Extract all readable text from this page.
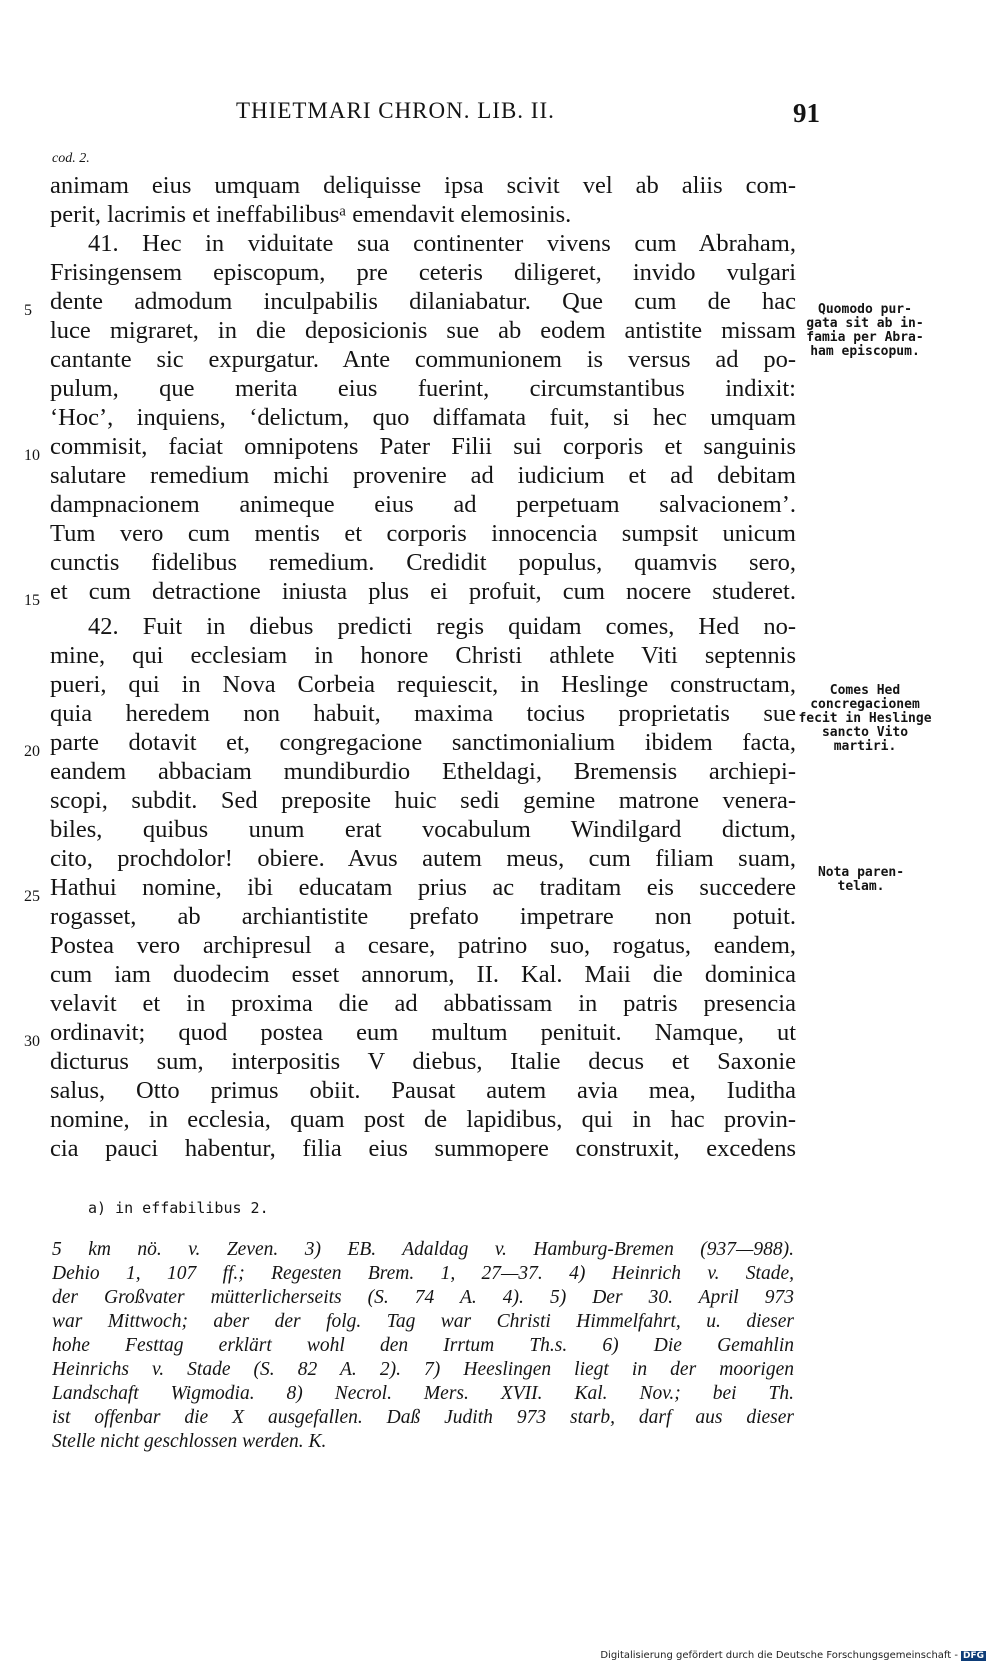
THIETMARI CHRON. LIB. II.	91
cod. 2.
animam eius umquam deliquisse ipsa scivit vel ab aliis com-
perit, lacrimis et ineffabilibusᵃ emendavit elemosinis.
41. Hec in viduitate sua continenter vivens cum Abraham,
Frisingensem episcopum, pre ceteris diligeret, invido vulgari
dente admodum inculpabilis dilaniabatur. Que cum de hac
luce migraret, in die deposicionis sue ab eodem antistite missam
cantante sic expurgatur. Ante communionem is versus ad po-
pulum, que merita eius fuerint, circumstantibus indixit:
‘Hoc’, inquiens, ‘delictum, quo diffamata fuit, si hec umquam
commisit, faciat omnipotens Pater Filii sui corporis et sanguinis
salutare remedium michi provenire ad iudicium et ad debitam
dampnacionem animeque eius ad perpetuam salvacionem’.
Tum vero cum mentis et corporis innocencia sumpsit unicum
cunctis fidelibus remedium. Credidit populus, quamvis sero,
et cum detractione iniusta plus ei profuit, cum nocere studeret.
42. Fuit in diebus predicti regis quidam comes, Hed no-
mine, qui ecclesiam in honore Christi athlete Viti septennis
pueri, qui in Nova Corbeia requiescit, in Heslinge constructam,
quia heredem non habuit, maxima tocius proprietatis sue
parte dotavit et, congregacione sanctimonialium ibidem facta,
eandem abbaciam mundiburdio Etheldagi, Bremensis archiepi-
scopi, subdit. Sed preposite huic sedi gemine matrone venera-
biles, quibus unum erat vocabulum Windilgard dictum,
cito, prochdolor! obiere. Avus autem meus, cum filiam suam,
Hathui nomine, ibi educatam prius ac traditam eis succedere
rogasset, ab archiantistite prefato impetrare non potuit.
Postea vero archipresul a cesare, patrino suo, rogatus, eandem,
cum iam duodecim esset annorum, II. Kal. Maii die dominica
velavit et in proxima die ad abbatissam in patris presencia
ordinavit; quod postea eum multum penituit. Namque, ut
dicturus sum, interpositis V diebus, Italie decus et Saxonie
salus, Otto primus obiit. Pausat autem avia mea, Iuditha
nomine, in ecclesia, quam post de lapidibus, qui in hac provin-
cia pauci habentur, filia eius summopere construxit, excedens
5
10
15
20
25
30
Quomodo pur-
gata sit ab in-
famia per Abra-
ham episcopum.
Comes Hed
concregacionem
fecit in Heslinge
sancto Vito
martiri.
Nota paren-
telam.
a) in effabilibus 2.
5 km nö. v. Zeven. 3) EB. Adaldag v. Hamburg-Bremen (937—988).
Dehio 1, 107 ff.; Regesten Brem. 1, 27—37. 4) Heinrich v. Stade,
der Großvater mütterlicherseits (S. 74 A. 4). 5) Der 30. April 973
war Mittwoch; aber der folg. Tag war Christi Himmelfahrt, u. dieser
hohe Festtag erklärt wohl den Irrtum Th.s. 6) Die Gemahlin
Heinrichs v. Stade (S. 82 A. 2). 7) Heeslingen liegt in der moorigen
Landschaft Wigmodia. 8) Necrol. Mers. XVII. Kal. Nov.; bei Th.
ist offenbar die X ausgefallen. Daß Judith 973 starb, darf aus dieser
Stelle nicht geschlossen werden. K.
Digitalisierung gefördert durch die Deutsche Forschungsgemeinschaft - DFG
